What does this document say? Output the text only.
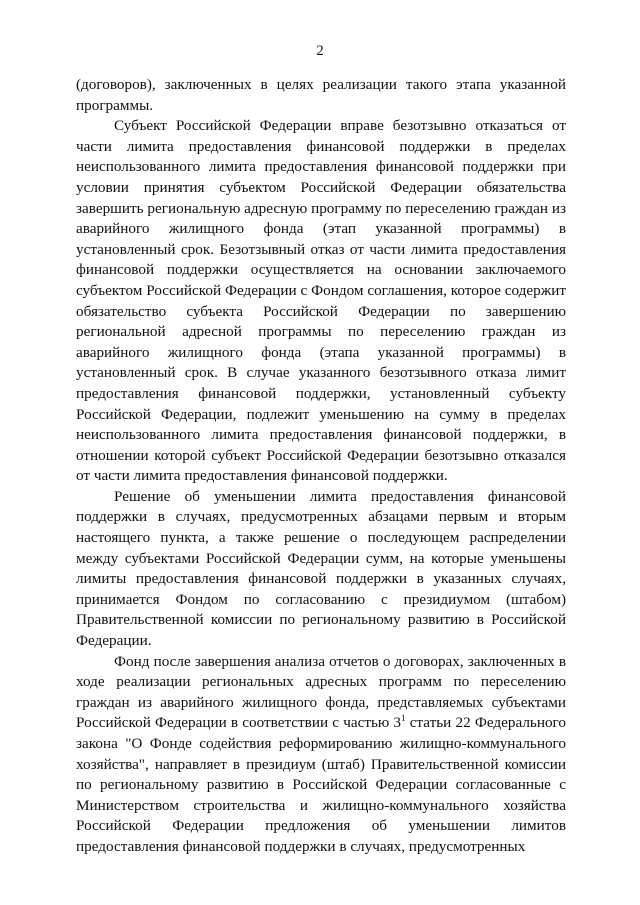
2

(договоров), заключенных в целях реализации такого этапа указанной программы.

Субъект Российской Федерации вправе безотзывно отказаться от части лимита предоставления финансовой поддержки в пределах неиспользованного лимита предоставления финансовой поддержки при условии принятия субъектом Российской Федерации обязательства завершить региональную адресную программу по переселению граждан из аварийного жилищного фонда (этап указанной программы) в установленный срок. Безотзывный отказ от части лимита предоставления финансовой поддержки осуществляется на основании заключаемого субъектом Российской Федерации с Фондом соглашения, которое содержит обязательство субъекта Российской Федерации по завершению региональной адресной программы по переселению граждан из аварийного жилищного фонда (этапа указанной программы) в установленный срок. В случае указанного безотзывного отказа лимит предоставления финансовой поддержки, установленный субъекту Российской Федерации, подлежит уменьшению на сумму в пределах неиспользованного лимита предоставления финансовой поддержки, в отношении которой субъект Российской Федерации безотзывно отказался от части лимита предоставления финансовой поддержки.

Решение об уменьшении лимита предоставления финансовой поддержки в случаях, предусмотренных абзацами первым и вторым настоящего пункта, а также решение о последующем распределении между субъектами Российской Федерации сумм, на которые уменьшены лимиты предоставления финансовой поддержки в указанных случаях, принимается Фондом по согласованию с президиумом (штабом) Правительственной комиссии по региональному развитию в Российской Федерации.

Фонд после завершения анализа отчетов о договорах, заключенных в ходе реализации региональных адресных программ по переселению граждан из аварийного жилищного фонда, представляемых субъектами Российской Федерации в соответствии с частью $3^1$ статьи 22 Федерального закона "О Фонде содействия реформированию жилищно-коммунального хозяйства", направляет в президиум (штаб) Правительственной комиссии по региональному развитию в Российской Федерации согласованные с Министерством строительства и жилищно-коммунального хозяйства Российской Федерации предложения об уменьшении лимитов предоставления финансовой поддержки в случаях, предусмотренных
